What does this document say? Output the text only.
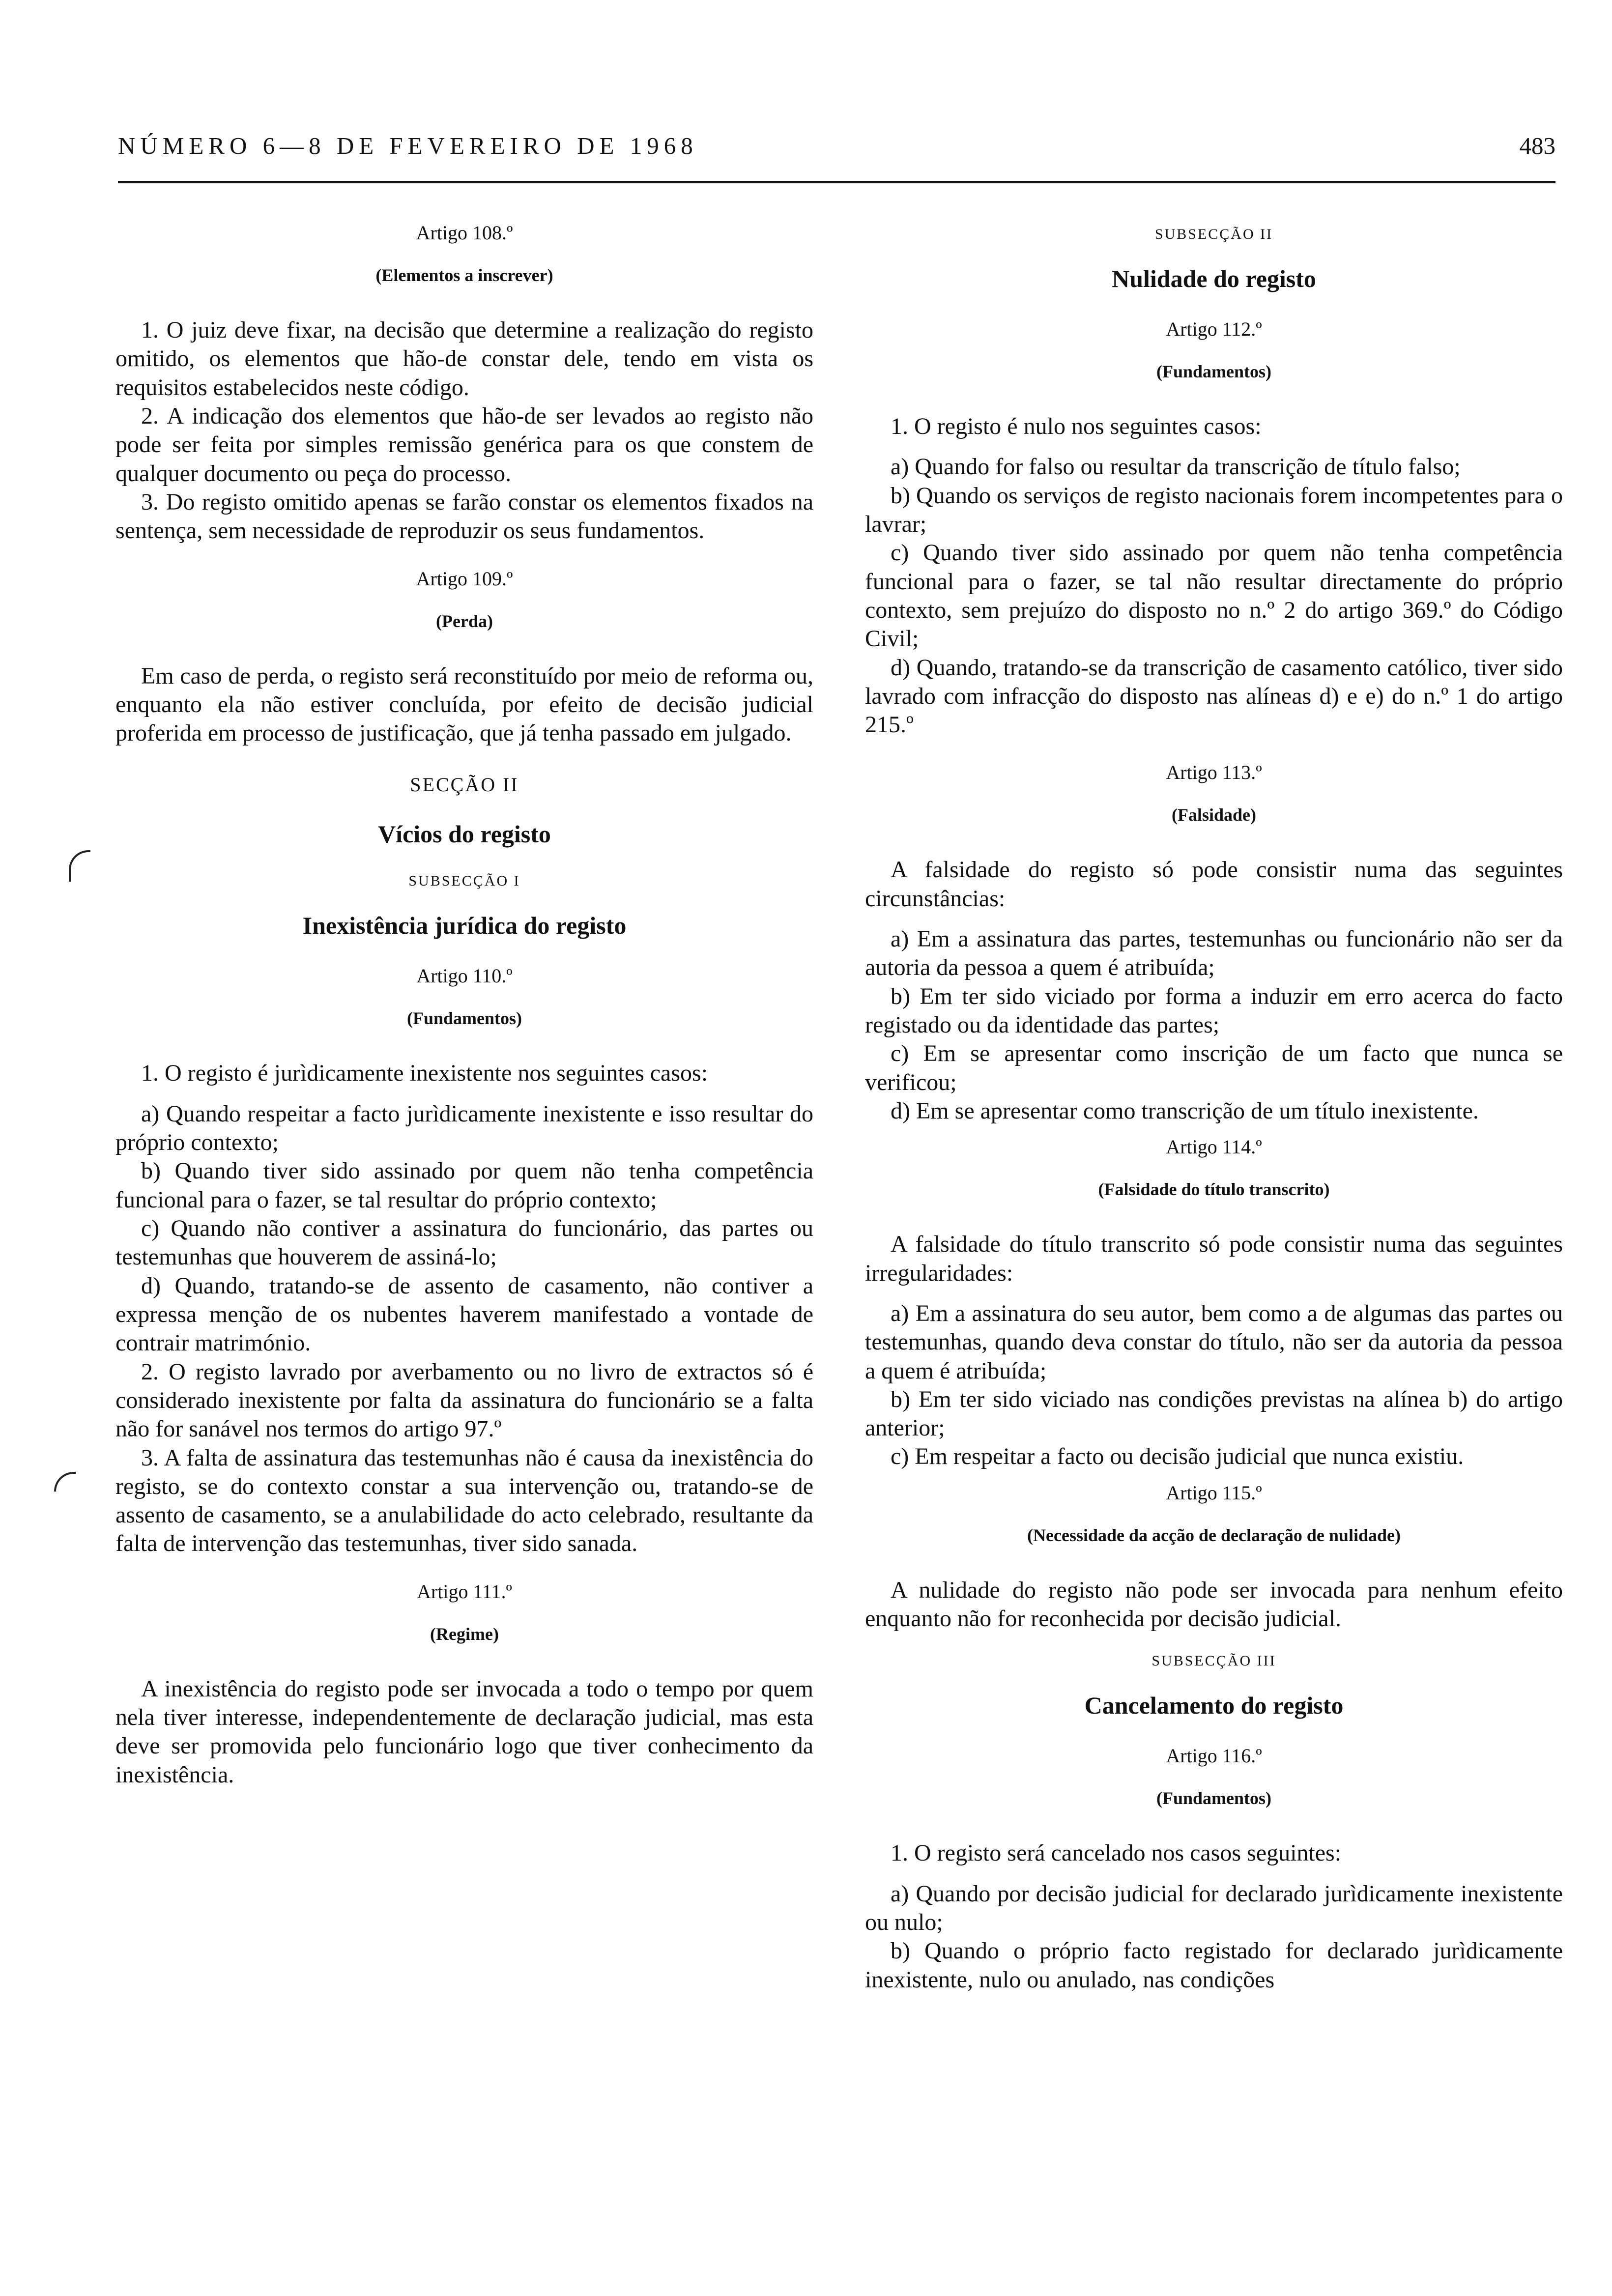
NÚMERO 6—8 DE FEVEREIRO DE 1968	483
Artigo 108.º
(Elementos a inscrever)

1. O juiz deve fixar, na decisão que determine a realização do registo omitido, os elementos que hão-de constar dele, tendo em vista os requisitos estabelecidos neste código.

2. A indicação dos elementos que hão-de ser levados ao registo não pode ser feita por simples remissão genérica para os que constem de qualquer documento ou peça do processo.

3. Do registo omitido apenas se farão constar os elementos fixados na sentença, sem necessidade de reproduzir os seus fundamentos.

Artigo 109.º
(Perda)

Em caso de perda, o registo será reconstituído por meio de reforma ou, enquanto ela não estiver concluída, por efeito de decisão judicial proferida em processo de justificação, que já tenha passado em julgado.

SECÇÃO II
Vícios do registo
SUBSECÇÃO I
Inexistência jurídica do registo
Artigo 110.º
(Fundamentos)

1. O registo é jurìdicamente inexistente nos seguintes casos:

a) Quando respeitar a facto jurìdicamente inexistente e isso resultar do próprio contexto;
b) Quando tiver sido assinado por quem não tenha competência funcional para o fazer, se tal resultar do próprio contexto;
c) Quando não contiver a assinatura do funcionário, das partes ou testemunhas que houverem de assiná-lo;
d) Quando, tratando-se de assento de casamento, não contiver a expressa menção de os nubentes haverem manifestado a vontade de contrair matrimónio.

2. O registo lavrado por averbamento ou no livro de extractos só é considerado inexistente por falta da assinatura do funcionário se a falta não for sanável nos termos do artigo 97.º

3. A falta de assinatura das testemunhas não é causa da inexistência do registo, se do contexto constar a sua intervenção ou, tratando-se de assento de casamento, se a anulabilidade do acto celebrado, resultante da falta de intervenção das testemunhas, tiver sido sanada.

Artigo 111.º
(Regime)

A inexistência do registo pode ser invocada a todo o tempo por quem nela tiver interesse, independentemente de declaração judicial, mas esta deve ser promovida pelo funcionário logo que tiver conhecimento da inexistência.

SUBSECÇÃO II
Nulidade do registo
Artigo 112.º
(Fundamentos)

1. O registo é nulo nos seguintes casos:

a) Quando for falso ou resultar da transcrição de título falso;
b) Quando os serviços de registo nacionais forem incompetentes para o lavrar;
c) Quando tiver sido assinado por quem não tenha competência funcional para o fazer, se tal não resultar directamente do próprio contexto, sem prejuízo do disposto no n.º 2 do artigo 369.º do Código Civil;
d) Quando, tratando-se da transcrição de casamento católico, tiver sido lavrado com infracção do disposto nas alíneas d) e e) do n.º 1 do artigo 215.º
Artigo 113.º
(Falsidade)

A falsidade do registo só pode consistir numa das seguintes circunstâncias:

a) Em a assinatura das partes, testemunhas ou funcionário não ser da autoria da pessoa a quem é atribuída;
b) Em ter sido viciado por forma a induzir em erro acerca do facto registado ou da identidade das partes;
c) Em se apresentar como inscrição de um facto que nunca se verificou;
d) Em se apresentar como transcrição de um título inexistente.
Artigo 114.º
(Falsidade do título transcrito)

A falsidade do título transcrito só pode consistir numa das seguintes irregularidades:

a) Em a assinatura do seu autor, bem como a de algumas das partes ou testemunhas, quando deva constar do título, não ser da autoria da pessoa a quem é atribuída;
b) Em ter sido viciado nas condições previstas na alínea b) do artigo anterior;
c) Em respeitar a facto ou decisão judicial que nunca existiu.
Artigo 115.º
(Necessidade da acção de declaração de nulidade)

A nulidade do registo não pode ser invocada para nenhum efeito enquanto não for reconhecida por decisão judicial.

SUBSECÇÃO III
Cancelamento do registo
Artigo 116.º
(Fundamentos)

1. O registo será cancelado nos casos seguintes:

a) Quando por decisão judicial for declarado jurìdicamente inexistente ou nulo;
b) Quando o próprio facto registado for declarado jurìdicamente inexistente, nulo ou anulado, nas condições
